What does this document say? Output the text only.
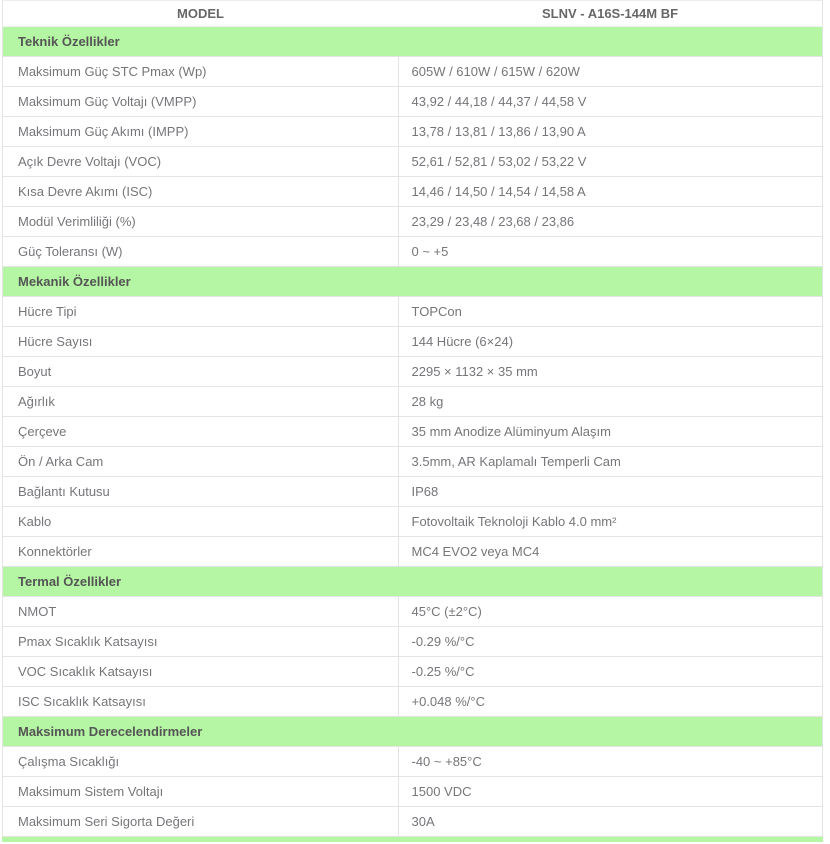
MODEL	SLNV - A16S-144M BF
Teknik Özellikler	
Maksimum Güç STC Pmax (Wp)	605W / 610W / 615W / 620W
Maksimum Güç Voltajı (VMPP)	43,92 / 44,18 / 44,37 / 44,58 V
Maksimum Güç Akımı (IMPP)	13,78 / 13,81 / 13,86 / 13,90 A
Açık Devre Voltajı (VOC)	52,61 / 52,81 / 53,02 / 53,22 V
Kısa Devre Akımı (ISC)	14,46 / 14,50 / 14,54 / 14,58 A
Modül Verimliliği (%)	23,29 / 23,48 / 23,68 / 23,86
Güç Toleransı (W)	0 ~ +5
Mekanik Özellikler	
Hücre Tipi	TOPCon
Hücre Sayısı	144 Hücre (6×24)
Boyut	2295 × 1132 × 35 mm
Ağırlık	28 kg
Çerçeve	35 mm Anodize Alüminyum Alaşım
Ön / Arka Cam	3.5mm, AR Kaplamalı Temperli Cam
Bağlantı Kutusu	IP68
Kablo	Fotovoltaik Teknoloji Kablo 4.0 mm²
Konnektörler	MC4 EVO2 veya MC4
Termal Özellikler	
NMOT	45°C (±2°C)
Pmax Sıcaklık Katsayısı	-0.29 %/°C
VOC Sıcaklık Katsayısı	-0.25 %/°C
ISC Sıcaklık Katsayısı	+0.048 %/°C
Maksimum Derecelendirmeler	
Çalışma Sıcaklığı	-40 ~ +85°C
Maksimum Sistem Voltajı	1500 VDC
Maksimum Seri Sigorta Değeri	30A
